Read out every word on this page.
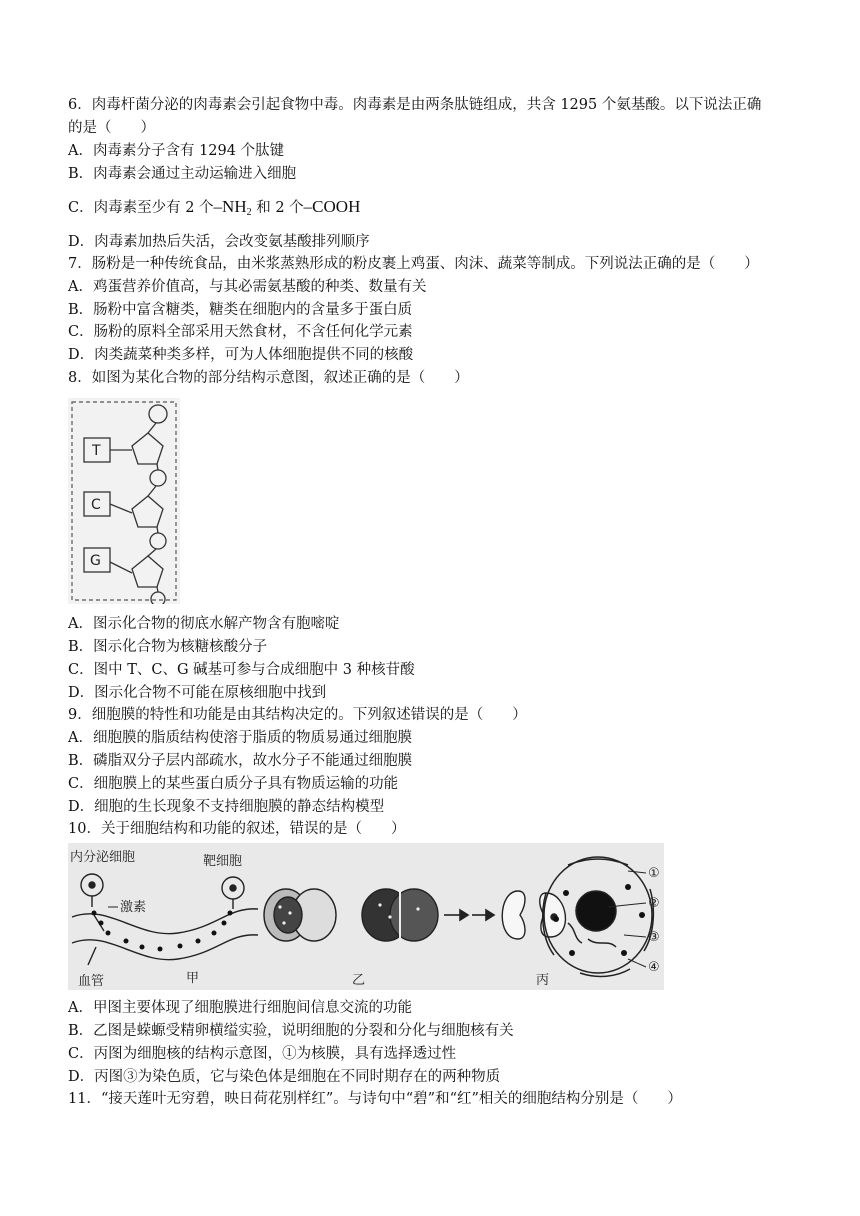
6．肉毒杆菌分泌的肉毒素会引起食物中毒。肉毒素是由两条肽链组成，共含 1295 个氨基酸。以下说法正确
的是（　　）
A．肉毒素分子含有 1294 个肽键
B．肉毒素会通过主动运输进入细胞
C．肉毒素至少有 2 个$-NH_2$ 和 2 个–COOH
D．肉毒素加热后失活，会改变氨基酸排列顺序
7．肠粉是一种传统食品，由米浆蒸熟形成的粉皮裹上鸡蛋、肉沫、蔬菜等制成。下列说法正确的是（　　）
A．鸡蛋营养价值高，与其必需氨基酸的种类、数量有关
B．肠粉中富含糖类，糖类在细胞内的含量多于蛋白质
C．肠粉的原料全部采用天然食材，不含任何化学元素
D．肉类蔬菜种类多样，可为人体细胞提供不同的核酸
8．如图为某化合物的部分结构示意图，叙述正确的是（　　）
T
C
G
A．图示化合物的彻底水解产物含有胞嘧啶
B．图示化合物为核糖核酸分子
C．图中 T、C、G 碱基可参与合成细胞中 3 种核苷酸
D．图示化合物不可能在原核细胞中找到
9．细胞膜的特性和功能是由其结构决定的。下列叙述错误的是（　　）
A．细胞膜的脂质结构使溶于脂质的物质易通过细胞膜
B．磷脂双分子层内部疏水，故水分子不能通过细胞膜
C．细胞膜上的某些蛋白质分子具有物质运输的功能
D．细胞的生长现象不支持细胞膜的静态结构模型
10．关于细胞结构和功能的叙述，错误的是（　　）
内分泌细胞	靶细胞
激素
血管	甲	乙
①
②
③
④
丙
A．甲图主要体现了细胞膜进行细胞间信息交流的功能
B．乙图是蝾螈受精卵横缢实验，说明细胞的分裂和分化与细胞核有关
C．丙图为细胞核的结构示意图，①为核膜，具有选择透过性
D．丙图③为染色质，它与染色体是细胞在不同时期存在的两种物质
11．“接天莲叶无穷碧，映日荷花别样红”。与诗句中“碧”和“红”相关的细胞结构分别是（　　）
